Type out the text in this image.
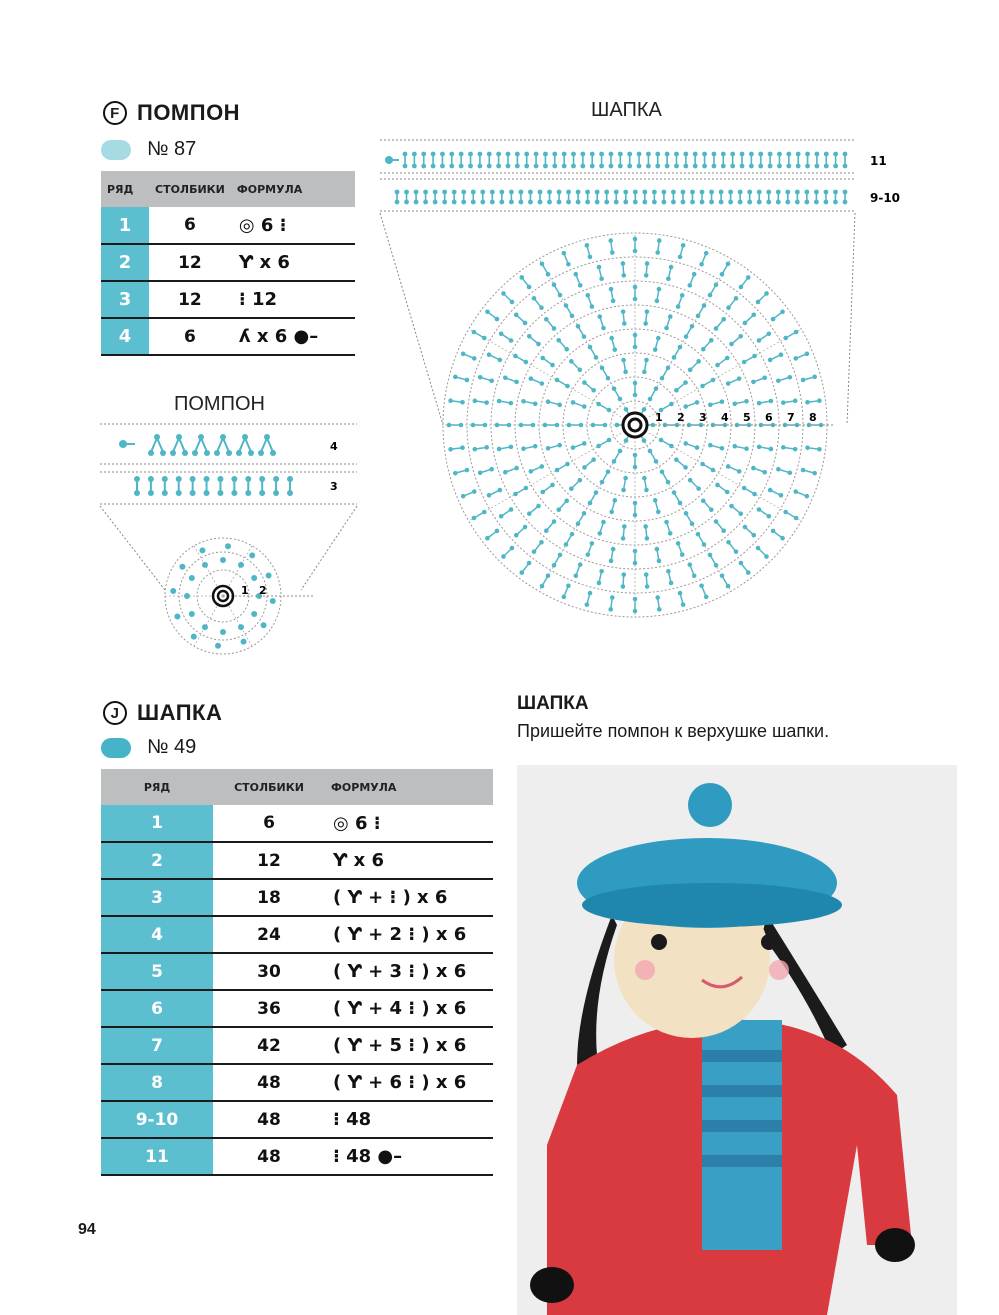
F ПОМПОН
№ 87
РЯД	СТОЛБИКИ	ФОРМУЛА
1	6	◎ 6 ⁝
2	12	Ƴ x 6
3	12	⁝ 12
4	6	ʎ x 6 ●–
ПОМПОН
4
3
1 2
ШАПКА
11
9-10
1 2 3 4 5 6 7 8
J ШАПКА
№ 49
РЯД	СТОЛБИКИ	ФОРМУЛА
1	6	◎ 6 ⁝
2	12	Ƴ x 6
3	18	( Ƴ + ⁝ ) x 6
4	24	( Ƴ + 2 ⁝ ) x 6
5	30	( Ƴ + 3 ⁝ ) x 6
6	36	( Ƴ + 4 ⁝ ) x 6
7	42	( Ƴ + 5 ⁝ ) x 6
8	48	( Ƴ + 6 ⁝ ) x 6
9-10	48	⁝ 48
11	48	⁝ 48 ●–
ШАПКА
Пришейте помпон к верхушке шапки.
94
